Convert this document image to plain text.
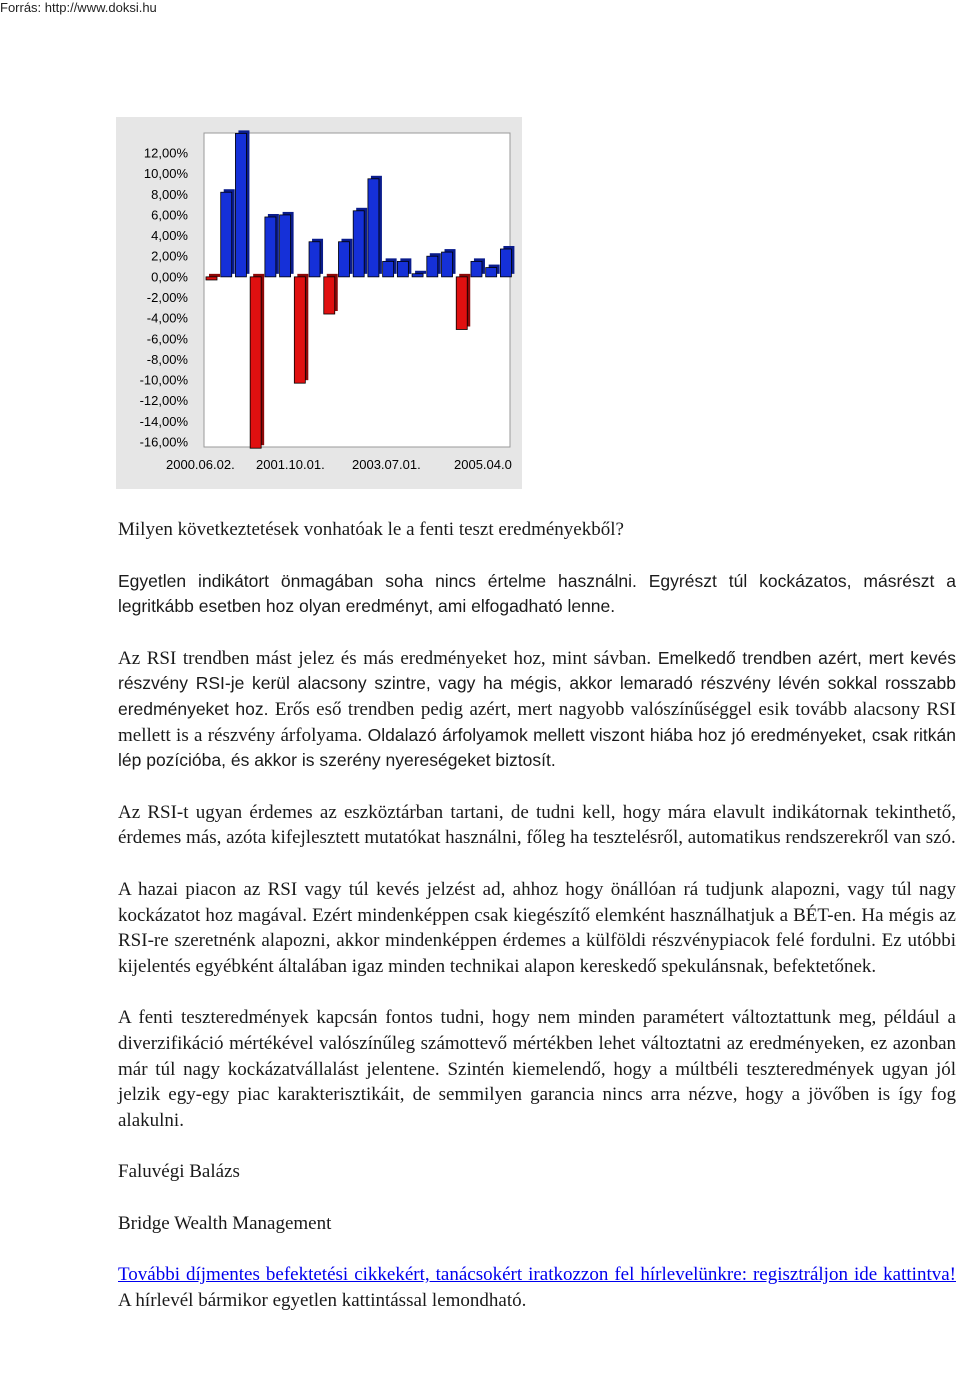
Forrás: http://www.doksi.hu
12,00%
10,00%
8,00%
6,00%
4,00%
2,00%
0,00%
-2,00%
-4,00%
-6,00%
-8,00%
-10,00%
-12,00%
-14,00%
-16,00%
2000.06.02. 2001.10.01. 2003.07.01.	2005.04.0

Milyen következtetések vonhatóak le a fenti teszt eredményekből?

Egyetlen indikátort önmagában soha nincs értelme használni. Egyrészt túl kockázatos, másrészt a legritkább esetben hoz olyan eredményt, ami elfogadható lenne.

Az RSI trendben mást jelez és más eredményeket hoz, mint sávban. Emelkedő trendben azért, mert kevés részvény RSI-je kerül alacsony szintre, vagy ha mégis, akkor lemaradó részvény lévén sokkal rosszabb eredményeket hoz. Erős eső trendben pedig azért, mert nagyobb valószínűséggel esik tovább alacsony RSI mellett is a részvény árfolyama. Oldalazó árfolyamok mellett viszont hiába hoz jó eredményeket, csak ritkán lép pozícióba, és akkor is szerény nyereségeket biztosít.

Az RSI-t ugyan érdemes az eszköztárban tartani, de tudni kell, hogy mára elavult indikátornak tekinthető, érdemes más, azóta kifejlesztett mutatókat használni, főleg ha tesztelésről, automatikus rendszerekről van szó.

A hazai piacon az RSI vagy túl kevés jelzést ad, ahhoz hogy önállóan rá tudjunk alapozni, vagy túl nagy kockázatot hoz magával. Ezért mindenképpen csak kiegészítő elemként használhatjuk a BÉT-en. Ha mégis az RSI-re szeretnénk alapozni, akkor mindenképpen érdemes a külföldi részvénypiacok felé fordulni. Ez utóbbi kijelentés egyébként általában igaz minden technikai alapon kereskedő spekulánsnak, befektetőnek.

A fenti teszteredmények kapcsán fontos tudni, hogy nem minden paramétert változtattunk meg, például a diverzifikáció mértékével valószínűleg számottevő mértékben lehet változtatni az eredményeken, ez azonban már túl nagy kockázatvállalást jelentene. Szintén kiemelendő, hogy a múltbéli teszteredmények ugyan jól jelzik egy-egy piac karakterisztikáit, de semmilyen garancia nincs arra nézve, hogy a jövőben is így fog alakulni.

Faluvégi Balázs

Bridge Wealth Management

További díjmentes befektetési cikkekért, tanácsokért iratkozzon fel hírlevelünkre: regisztráljon ide kattintva! A hírlevél bármikor egyetlen kattintással lemondható.
